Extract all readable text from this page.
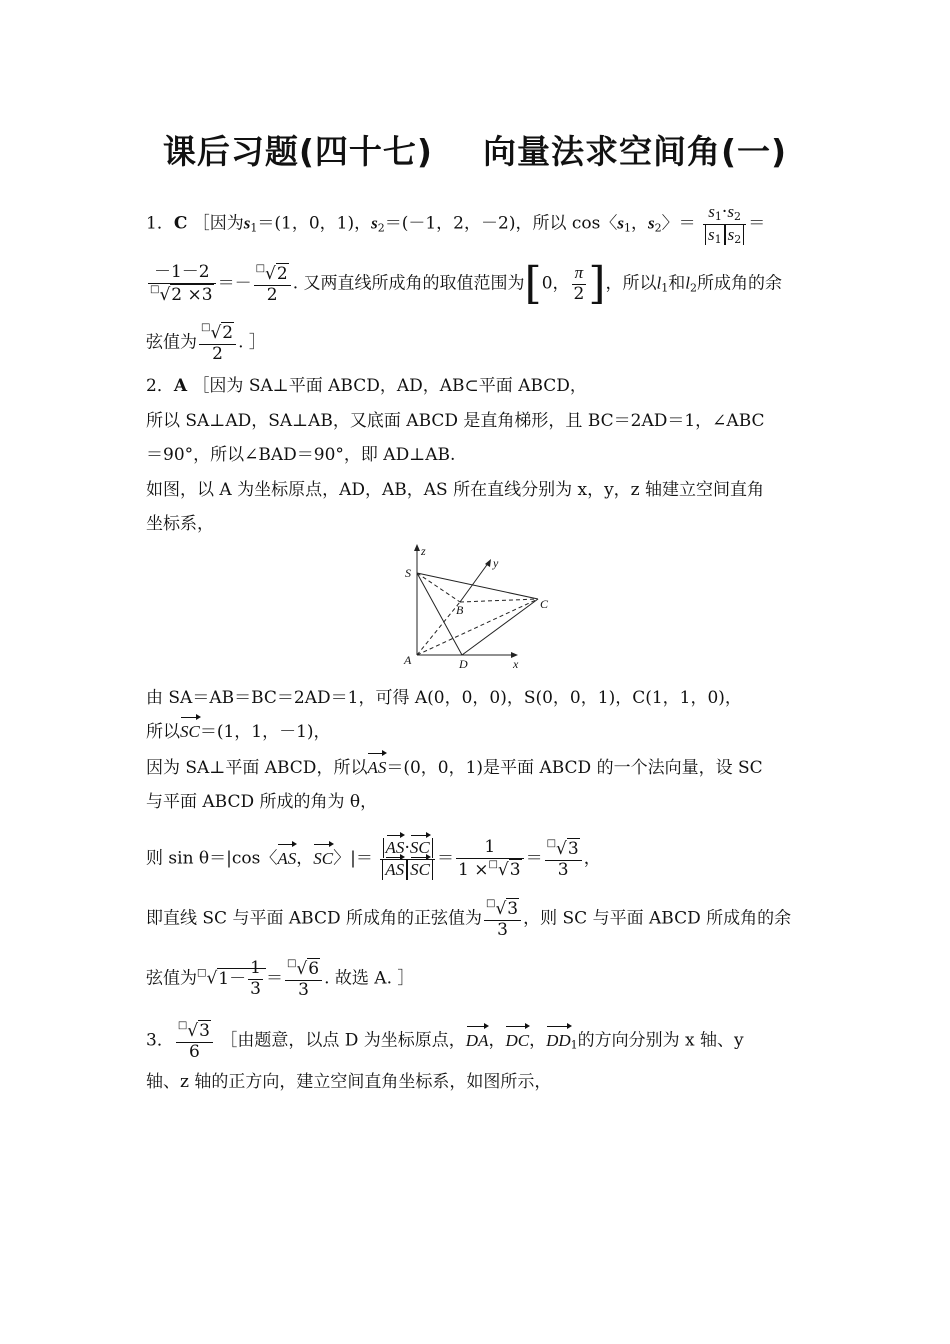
课后习题(四十七)    向量法求空间角(一)
1．C ［因为$s_1=(1$，0，1)，$s_2=(-1$，2，－2)，所以 cos〈$s_1$，$s_2$〉＝ $\frac{s_1\cdot s_2}{s_1 s_2}$ ＝
$\frac{-1-2}{^□√2 \times 3} =- \frac{^□√2}{2}$ . 又两直线所成角的取值范围为[0， $\frac{\pi}{2}$ ]，所以$l_1$和$l_2$所成角的余
弦值为 $\frac{^□√2}{2}$ . ］
2．A ［因为 SA⊥平面 ABCD，AD，AB⊂平面 ABCD，
所以 SA⊥AD，SA⊥AB，又底面 ABCD 是直角梯形，且 BC＝2AD＝1，∠ABC
＝90°，所以∠BAD＝90°，即 AD⊥AB.
如图，以 A 为坐标原点，AD，AB，AS 所在直线分别为 x，y，z 轴建立空间直角
坐标系，
z
y
S
B	C
A	D	x
由 SA＝AB＝BC＝2AD＝1，可得 A(0，0，0)，S(0，0，1)，C(1，1，0)，
所以SC＝(1，1，－1)，
因为 SA⊥平面 ABCD，所以AS＝(0，0，1)是平面 ABCD 的一个法向量，设 SC
与平面 ABCD 所成的角为 θ，
则 sin θ＝|cos〈AS，SC〉|＝ $\frac{AS\cdot SC}{\text{AS SC}} = \frac{1}{1 \times^□√3} = \frac{^□√3}{3}$ ，
即直线 SC 与平面 ABCD 所成角的正弦值为 $\frac{^□√3}{3}$ ，则 SC 与平面 ABCD 所成角的余
弦值为$^□√1- \frac{1}{3} = \frac{^□√6}{3}$ . 故选 A. ］
3． $\frac{^□√3}{6}$ ［由题意，以点 D 为坐标原点，DA，DC，$DD_1$的方向分别为 x 轴、y
轴、z 轴的正方向，建立空间直角坐标系，如图所示，
